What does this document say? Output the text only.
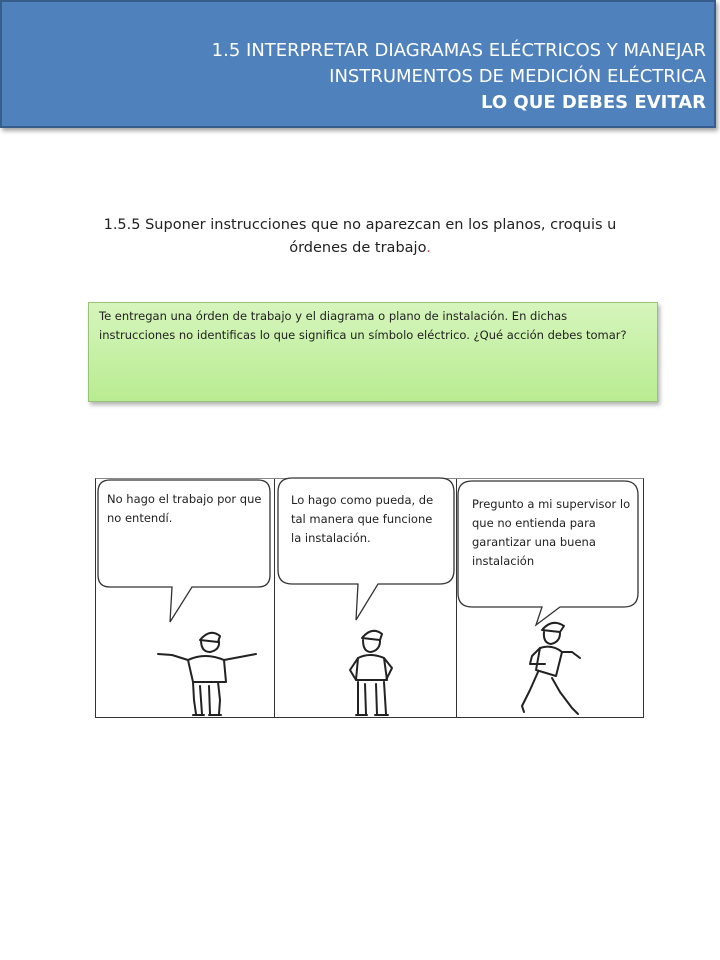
1.5 INTERPRETAR DIAGRAMAS ELÉCTRICOS Y MANEJAR
INSTRUMENTOS DE MEDICIÓN ELÉCTRICA
LO QUE DEBES EVITAR
1.5.5 Suponer instrucciones que no aparezcan en los planos, croquis u
órdenes de trabajo.
Te entregan una órden de trabajo y el diagrama o plano de instalación. En dichas instrucciones no identificas lo que significa un símbolo eléctrico. ¿Qué acción debes tomar?
No hago el trabajo por que no entendí.
Lo hago como pueda, de tal manera que funcione la instalación.
Pregunto a mi supervisor lo que no entienda para garantizar una buena instalación
